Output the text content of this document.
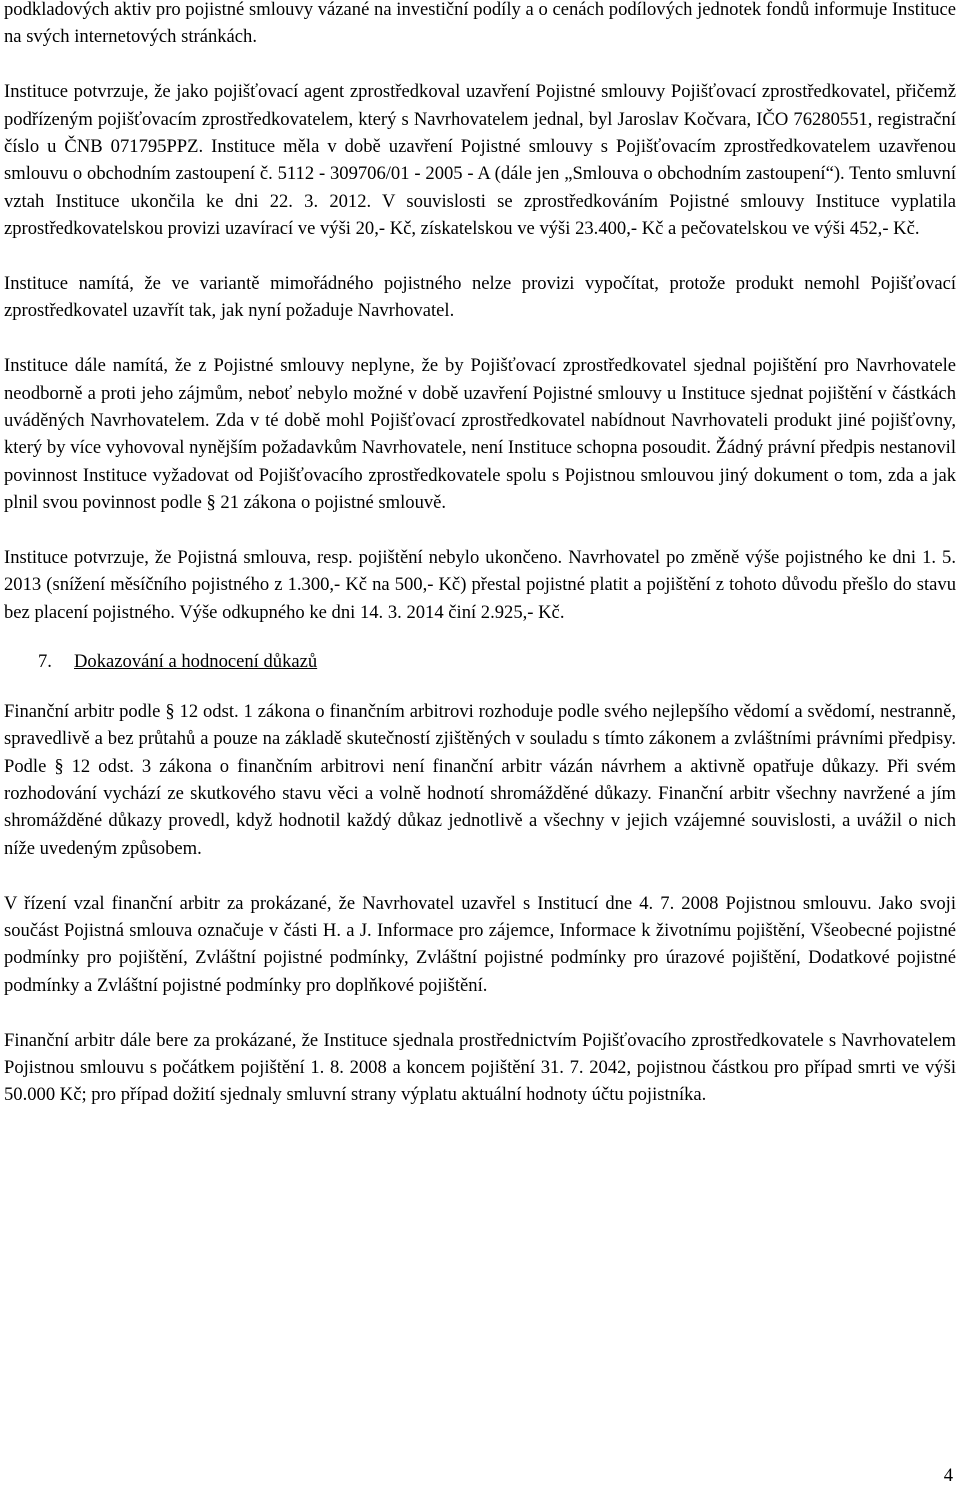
podkladových aktiv pro pojistné smlouvy vázané na investiční podíly a o cenách podílových jednotek fondů informuje Instituce na svých internetových stránkách.

Instituce potvrzuje, že jako pojišťovací agent zprostředkoval uzavření Pojistné smlouvy Pojišťovací zprostředkovatel, přičemž podřízeným pojišťovacím zprostředkovatelem, který s Navrhovatelem jednal, byl Jaroslav Kočvara, IČO 76280551, registrační číslo u ČNB 071795PPZ. Instituce měla v době uzavření Pojistné smlouvy s Pojišťovacím zprostředkovatelem uzavřenou smlouvu o obchodním zastoupení č. 5112 - 309706/01 - 2005 - A (dále jen „Smlouva o obchodním zastoupení“). Tento smluvní vztah Instituce ukončila ke dni 22. 3. 2012. V souvislosti se zprostředkováním Pojistné smlouvy Instituce vyplatila zprostředkovatelskou provizi uzavírací ve výši 20,- Kč, získatelskou ve výši 23.400,- Kč a pečovatelskou ve výši 452,- Kč.

Instituce namítá, že ve variantě mimořádného pojistného nelze provizi vypočítat, protože produkt nemohl Pojišťovací zprostředkovatel uzavřít tak, jak nyní požaduje Navrhovatel.

Instituce dále namítá, že z Pojistné smlouvy neplyne, že by Pojišťovací zprostředkovatel sjednal pojištění pro Navrhovatele neodborně a proti jeho zájmům, neboť nebylo možné v době uzavření Pojistné smlouvy u Instituce sjednat pojištění v částkách uváděných Navrhovatelem. Zda v té době mohl Pojišťovací zprostředkovatel nabídnout Navrhovateli produkt jiné pojišťovny, který by více vyhovoval nynějším požadavkům Navrhovatele, není Instituce schopna posoudit. Žádný právní předpis nestanovil povinnost Instituce vyžadovat od Pojišťovacího zprostředkovatele spolu s Pojistnou smlouvou jiný dokument o tom, zda a jak plnil svou povinnost podle § 21 zákona o pojistné smlouvě.

Instituce potvrzuje, že Pojistná smlouva, resp. pojištění nebylo ukončeno. Navrhovatel po změně výše pojistného ke dni 1. 5. 2013 (snížení měsíčního pojistného z 1.300,- Kč na 500,- Kč) přestal pojistné platit a pojištění z tohoto důvodu přešlo do stavu bez placení pojistného. Výše odkupného ke dni 14. 3. 2014 činí 2.925,- Kč.

7. Dokazování a hodnocení důkazů

Finanční arbitr podle § 12 odst. 1 zákona o finančním arbitrovi rozhoduje podle svého nejlepšího vědomí a svědomí, nestranně, spravedlivě a bez průtahů a pouze na základě skutečností zjištěných v souladu s tímto zákonem a zvláštními právními předpisy. Podle § 12 odst. 3 zákona o finančním arbitrovi není finanční arbitr vázán návrhem a aktivně opatřuje důkazy. Při svém rozhodování vychází ze skutkového stavu věci a volně hodnotí shromážděné důkazy. Finanční arbitr všechny navržené a jím shromážděné důkazy provedl, když hodnotil každý důkaz jednotlivě a všechny v jejich vzájemné souvislosti, a uvážil o nich níže uvedeným způsobem.

V řízení vzal finanční arbitr za prokázané, že Navrhovatel uzavřel s Institucí dne 4. 7. 2008 Pojistnou smlouvu. Jako svoji součást Pojistná smlouva označuje v části H. a J. Informace pro zájemce, Informace k životnímu pojištění, Všeobecné pojistné podmínky pro pojištění, Zvláštní pojistné podmínky, Zvláštní pojistné podmínky pro úrazové pojištění, Dodatkové pojistné podmínky a Zvláštní pojistné podmínky pro doplňkové pojištění.

Finanční arbitr dále bere za prokázané, že Instituce sjednala prostřednictvím Pojišťovacího zprostředkovatele s Navrhovatelem Pojistnou smlouvu s počátkem pojištění 1. 8. 2008 a koncem pojištění 31. 7. 2042, pojistnou částkou pro případ smrti ve výši 50.000 Kč; pro případ dožití sjednaly smluvní strany výplatu aktuální hodnoty účtu pojistníka.

4
